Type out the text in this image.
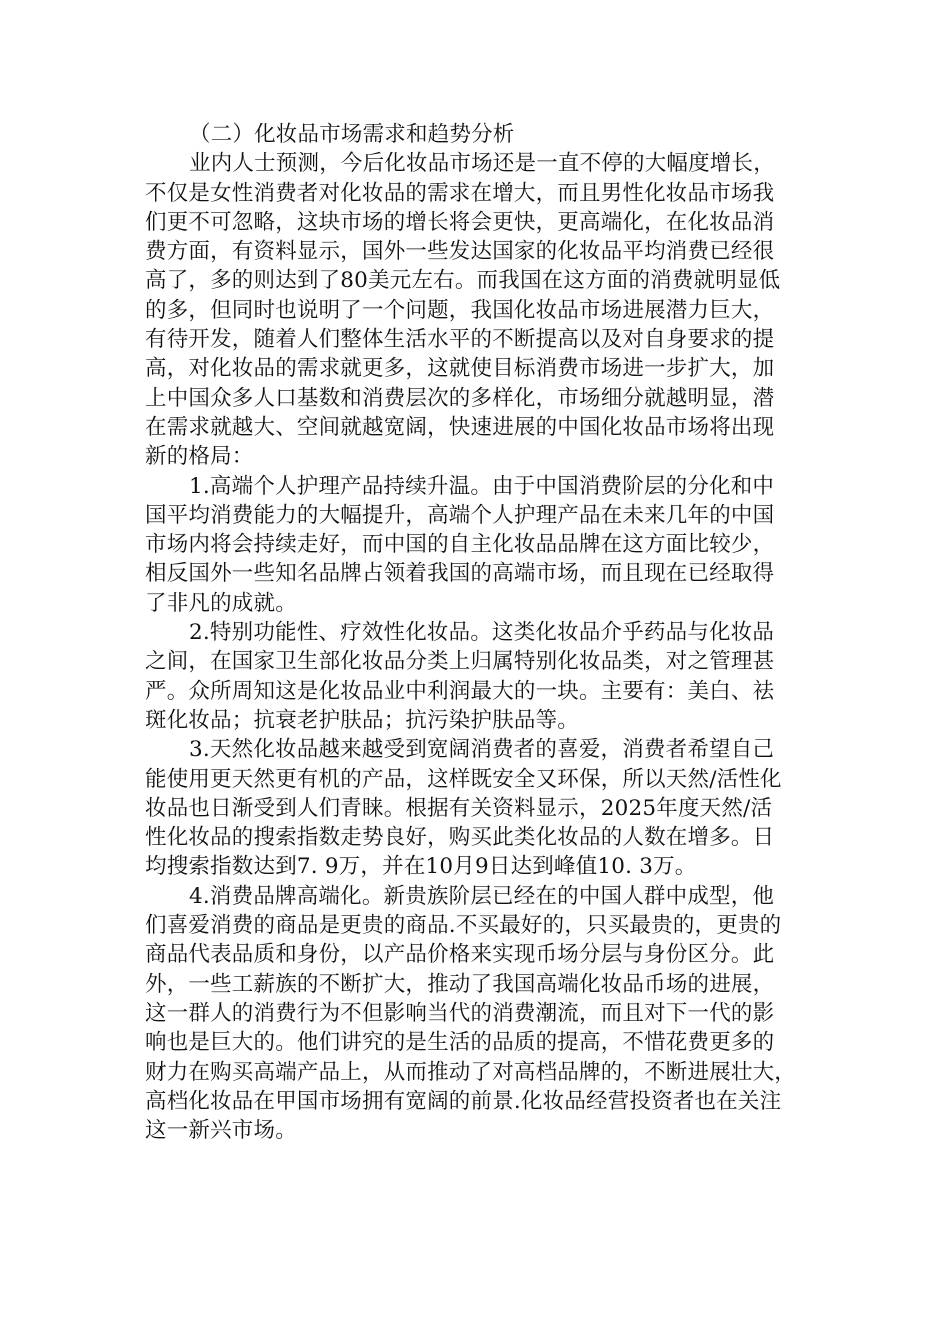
（二）化妆品市场需求和趋势分析
业内人士预测，今后化妆品市场还是一直不停的大幅度增长，
不仅是女性消费者对化妆品的需求在增大，而且男性化妆品市场我
们更不可忽略，这块市场的增长将会更快，更高端化，在化妆品消
费方面，有资料显示，国外一些发达国家的化妆品平均消费已经很
高了，多的则达到了80美元左右。而我国在这方面的消费就明显低
的多，但同时也说明了一个问题，我国化妆品市场进展潜力巨大，
有待开发，随着人们整体生活水平的不断提高以及对自身要求的提
高，对化妆品的需求就更多，这就使目标消费市场进一步扩大，加
上中国众多人口基数和消费层次的多样化，市场细分就越明显，潜
在需求就越大、空间就越宽阔，快速进展的中国化妆品市场将出现
新的格局：
1.高端个人护理产品持续升温。由于中国消费阶层的分化和中
国平均消费能力的大幅提升，高端个人护理产品在未来几年的中国
市场内将会持续走好，而中国的自主化妆品品牌在这方面比较少，
相反国外一些知名品牌占领着我国的高端市场，而且现在已经取得
了非凡的成就。
2.特别功能性、疗效性化妆品。这类化妆品介乎药品与化妆品
之间，在国家卫生部化妆品分类上归属特别化妆品类，对之管理甚
严。众所周知这是化妆品业中利润最大的一块。主要有：美白、祛
斑化妆品；抗衰老护肤品；抗污染护肤品等。
3.天然化妆品越来越受到宽阔消费者的喜爱，消费者希望自己
能使用更天然更有机的产品，这样既安全又环保，所以天然/活性化
妆品也日渐受到人们青睐。根据有关资料显示，2025年度天然/活
性化妆品的搜索指数走势良好，购买此类化妆品的人数在增多。日
均搜索指数达到7. 9万，并在10月9日达到峰值10. 3万。
4.消费品牌高端化。新贵族阶层已经在的中国人群中成型，他
们喜爱消费的商品是更贵的商品.不买最好的，只买最贵的，更贵的
商品代表品质和身份，以产品价格来实现币场分层与身份区分。此
外，一些工薪族的不断扩大，推动了我国高端化妆品币场的进展，
这一群人的消费行为不但影响当代的消费潮流，而且对下一代的影
响也是巨大的。他们讲究的是生活的品质的提高，不惜花费更多的
财力在购买高端产品上，从而推动了对高档品牌的，不断进展壮大，
高档化妆品在甲国市场拥有宽阔的前景.化妆品经营投资者也在关注
这一新兴市场。
